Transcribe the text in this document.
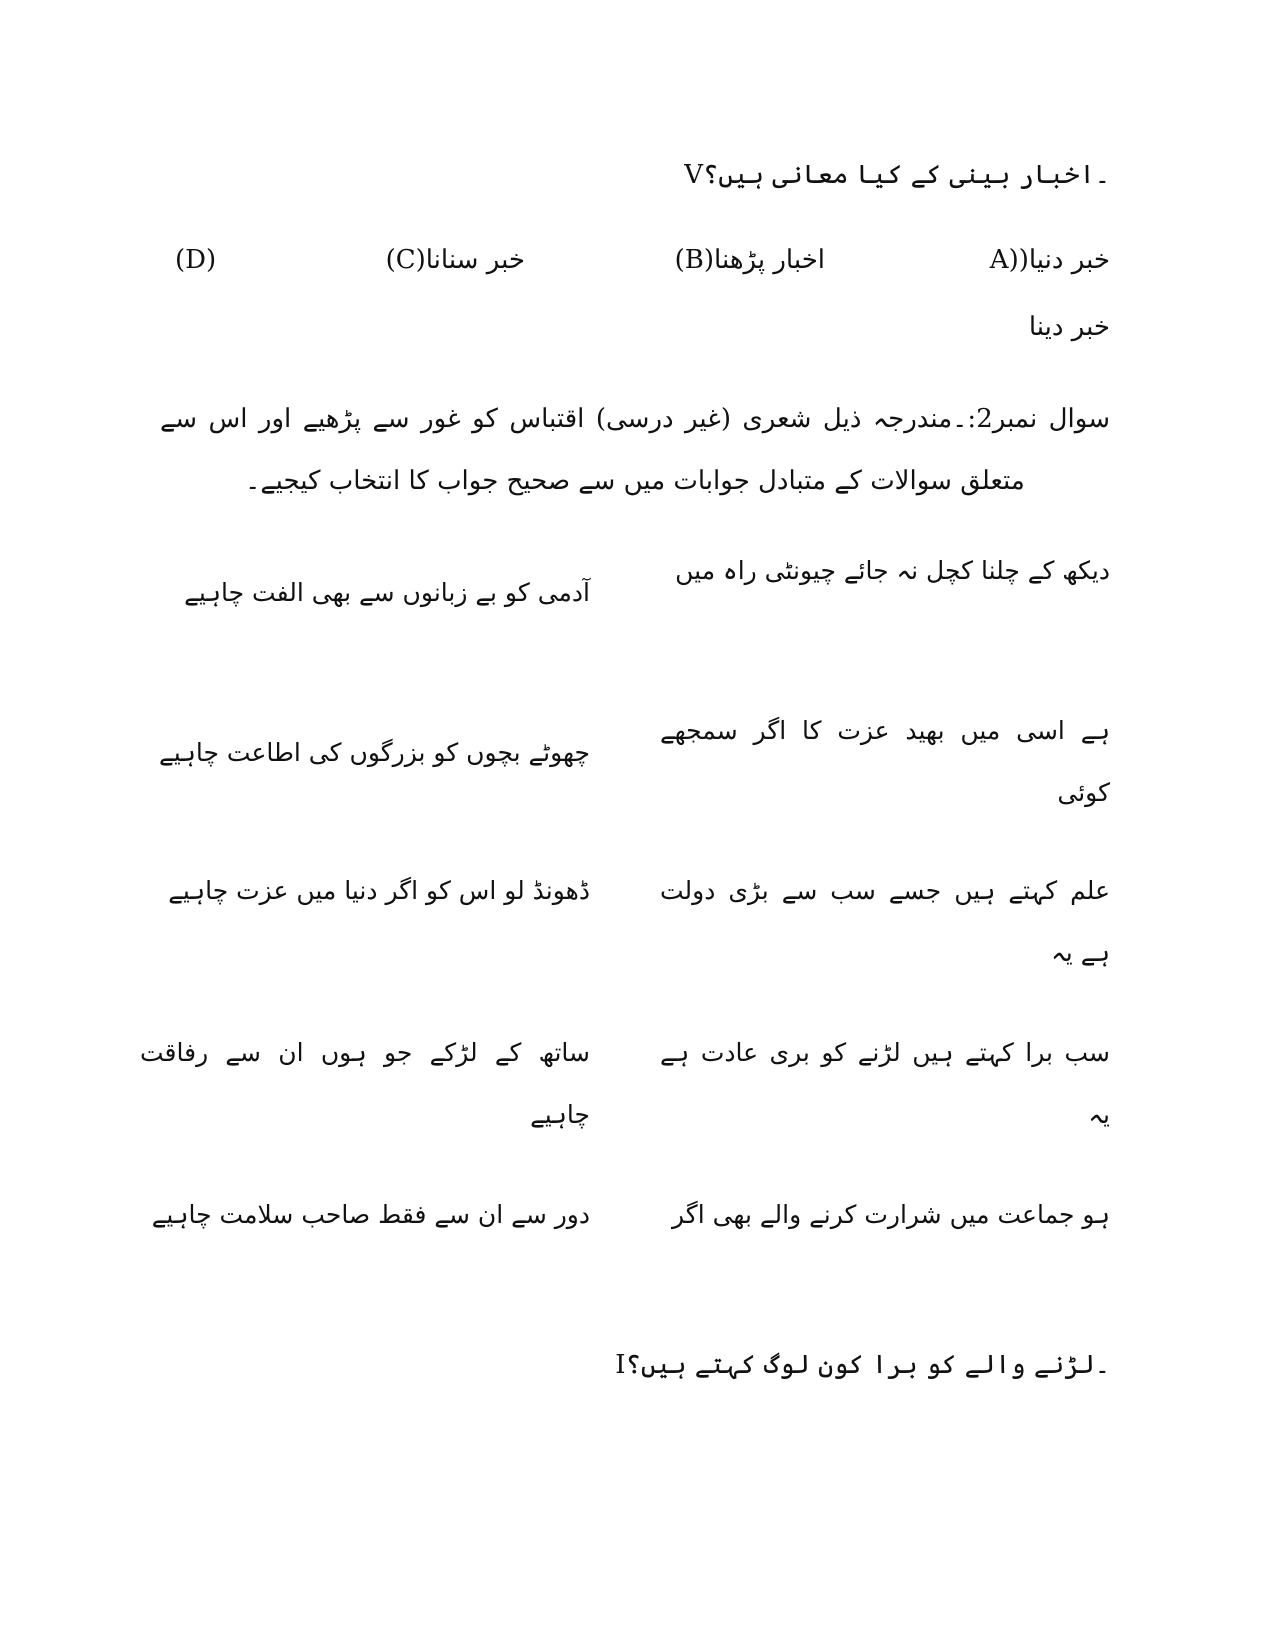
V۔اخبار بینی کے کیا معانی ہیں؟
A))خبر دنیا
(B)اخبار پڑھنا
(C)خبر سنانا
(D)
خبر دینا
سوال نمبر2:۔مندرجہ ذیل شعری (غیر درسی) اقتباس کو غور سے پڑھیے اور اس سے متعلق سوالات کے متبادل جوابات میں سے صحیح جواب کا انتخاب کیجیے۔
دیکھ کے چلنا کچل نہ جائے چیونٹی راہ میں
آدمی کو بے زبانوں سے بھی الفت چاہیے
ہے اسی میں بھید عزت کا اگر سمجھے کوئی
چھوٹے بچوں کو بزرگوں کی اطاعت چاہیے
علم کہتے ہیں جسے سب سے بڑی دولت ہے یہ
ڈھونڈ لو اس کو اگر دنیا میں عزت چاہیے
سب برا کہتے ہیں لڑنے کو بری عادت ہے یہ
ساتھ کے لڑکے جو ہوں ان سے رفاقت چاہیے
ہو جماعت میں شرارت کرنے والے بھی اگر
دور سے ان سے فقط صاحب سلامت چاہیے
I۔لڑنے والے کو برا کون لوگ کہتے ہیں؟
